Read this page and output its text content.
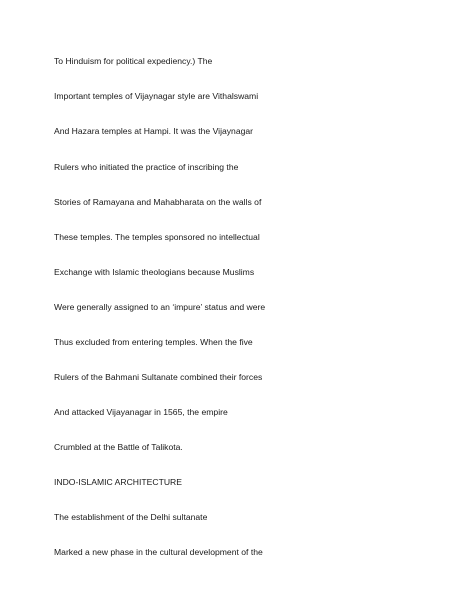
To Hinduism for political expediency.) The

Important temples of Vijaynagar style are Vithalswami

And Hazara temples at Hampi. It was the Vijaynagar

Rulers who initiated the practice of inscribing the

Stories of Ramayana and Mahabharata on the walls of

These temples. The temples sponsored no intellectual

Exchange with Islamic theologians because Muslims

Were generally assigned to an ‘impure’ status and were

Thus excluded from entering temples. When the five

Rulers of the Bahmani Sultanate combined their forces

And attacked Vijayanagar in 1565, the empire

Crumbled at the Battle of Talikota.

INDO-ISLAMIC ARCHITECTURE

The establishment of the Delhi sultanate

Marked a new phase in the cultural development of the
